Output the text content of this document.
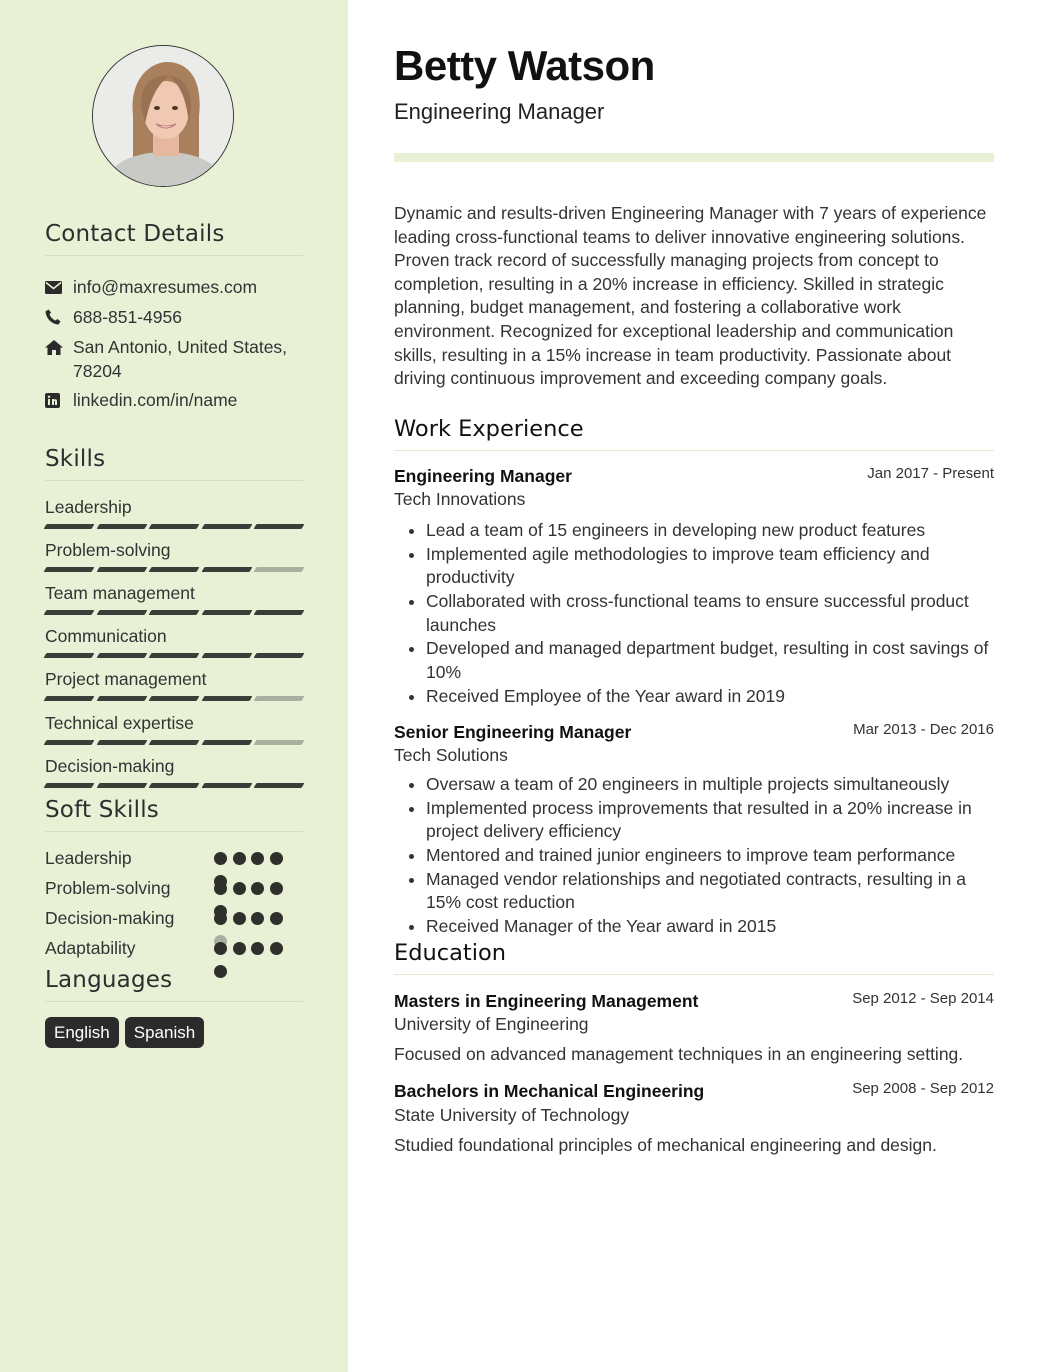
Contact Details
info@maxresumes.com
688-851-4956
San Antonio, United States, 78204
linkedin.com/in/name
Skills
Leadership
Problem-solving
Team management
Communication
Project management
Technical expertise
Decision-making
Soft Skills
Leadership
Problem-solving
Decision-making
Adaptability
Languages
English	Spanish
Betty Watson
Engineering Manager

Dynamic and results-driven Engineering Manager with 7 years of experience leading cross-functional teams to deliver innovative engineering solutions. Proven track record of successfully managing projects from concept to completion, resulting in a 20% increase in efficiency. Skilled in strategic planning, budget management, and fostering a collaborative work environment. Recognized for exceptional leadership and communication skills, resulting in a 15% increase in team productivity. Passionate about driving continuous improvement and exceeding company goals.

Work Experience
Engineering Manager	Jan 2017 - Present
Tech Innovations
• Lead a team of 15 engineers in developing new product features
• Implemented agile methodologies to improve team efficiency and productivity
• Collaborated with cross-functional teams to ensure successful product launches
• Developed and managed department budget, resulting in cost savings of 10%
• Received Employee of the Year award in 2019
Senior Engineering Manager	Mar 2013 - Dec 2016
Tech Solutions
• Oversaw a team of 20 engineers in multiple projects simultaneously
• Implemented process improvements that resulted in a 20% increase in project delivery efficiency
• Mentored and trained junior engineers to improve team performance
• Managed vendor relationships and negotiated contracts, resulting in a 15% cost reduction
• Received Manager of the Year award in 2015
Education
Masters in Engineering Management	Sep 2012 - Sep 2014
University of Engineering
Focused on advanced management techniques in an engineering setting.
Bachelors in Mechanical Engineering	Sep 2008 - Sep 2012
State University of Technology
Studied foundational principles of mechanical engineering and design.
